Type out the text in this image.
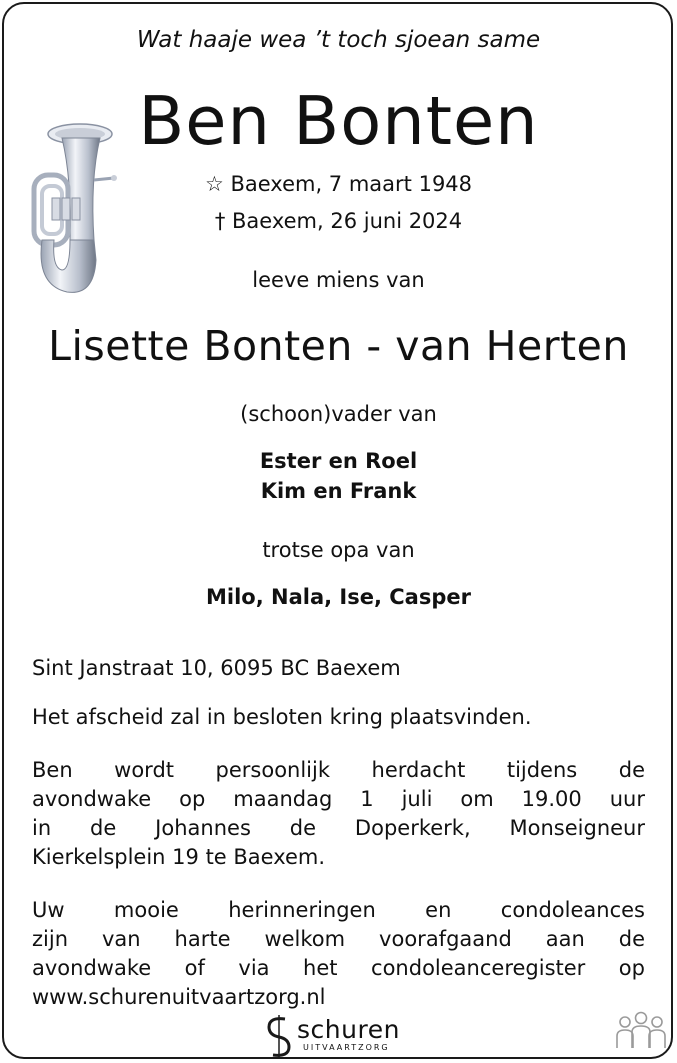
Wat haaje wea ’t toch sjoean same
Ben Bonten
☆ Baexem, 7 maart 1948
† Baexem, 26 juni 2024
leeve miens van
Lisette Bonten - van Herten
(schoon)vader van
Ester en Roel
Kim en Frank
trotse opa van
Milo, Nala, Ise, Casper
Sint Janstraat 10, 6095 BC Baexem
Het afscheid zal in besloten kring plaatsvinden.
Ben wordt persoonlijk herdacht tijdens de
avondwake op maandag 1 juli om 19.00 uur
in de Johannes de Doperkerk, Monseigneur
Kierkelsplein 19 te Baexem.
Uw mooie herinneringen en condoleances
zijn van harte welkom voorafgaand aan de
avondwake of via het condoleanceregister op
www.schurenuitvaartzorg.nl
schuren
UITVAARTZORG
